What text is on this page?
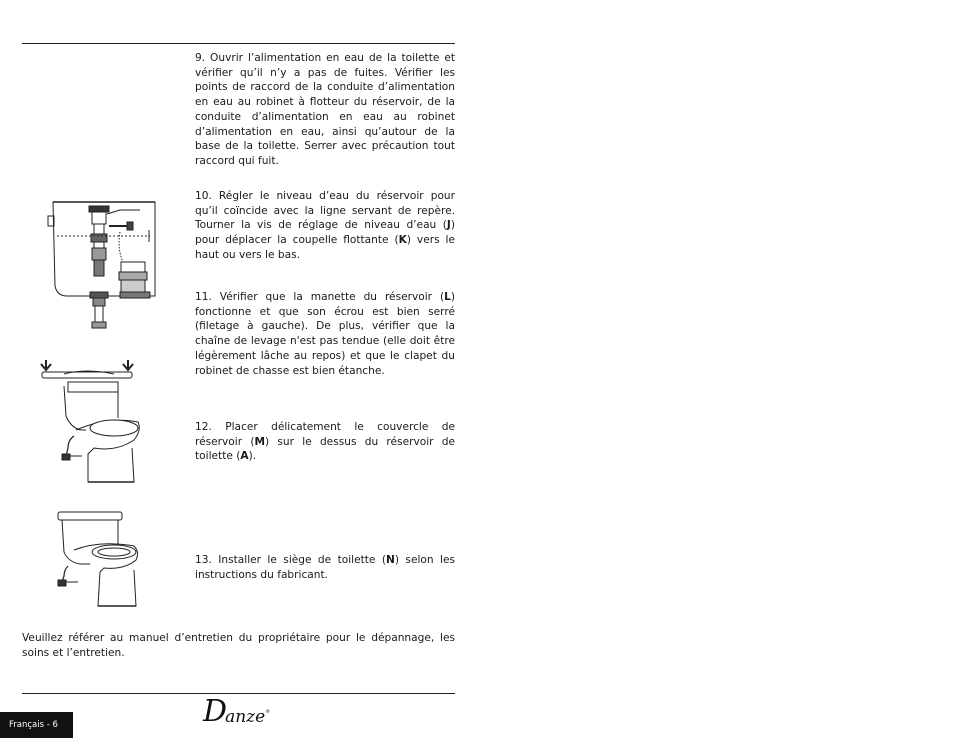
9. Ouvrir l’alimentation en eau de la toilette et vérifier qu’il n’y a pas de fuites. Vérifier les points de raccord de la conduite d’alimentation en eau au robinet à flotteur du réservoir, de la conduite d’alimentation en eau au robinet d’alimentation en eau, ainsi qu’autour de la base de la toilette. Serrer avec précaution tout raccord qui fuit.

10. Régler le niveau d’eau du réservoir pour qu’il coïncide avec la ligne servant de repère. Tourner la vis de réglage de niveau d’eau (J) pour déplacer la coupelle flottante (K) vers le haut ou vers le bas.

11. Vérifier que la manette du réservoir (L) fonctionne et que son écrou est bien serré (filetage à gauche). De plus, vérifier que la chaîne de levage n'est pas tendue (elle doit être légèrement lâche au repos) et que le clapet du robinet de chasse est bien étanche.

12. Placer délicatement le couvercle de réservoir (M) sur le dessus du réservoir de toilette (A).

13. Installer le siège de toilette (N) selon les instructions du fabricant.

Veuillez référer au manuel d’entretien du propriétaire pour le dépannage, les soins et l’entretien.

Français - 6	D
anze ®
